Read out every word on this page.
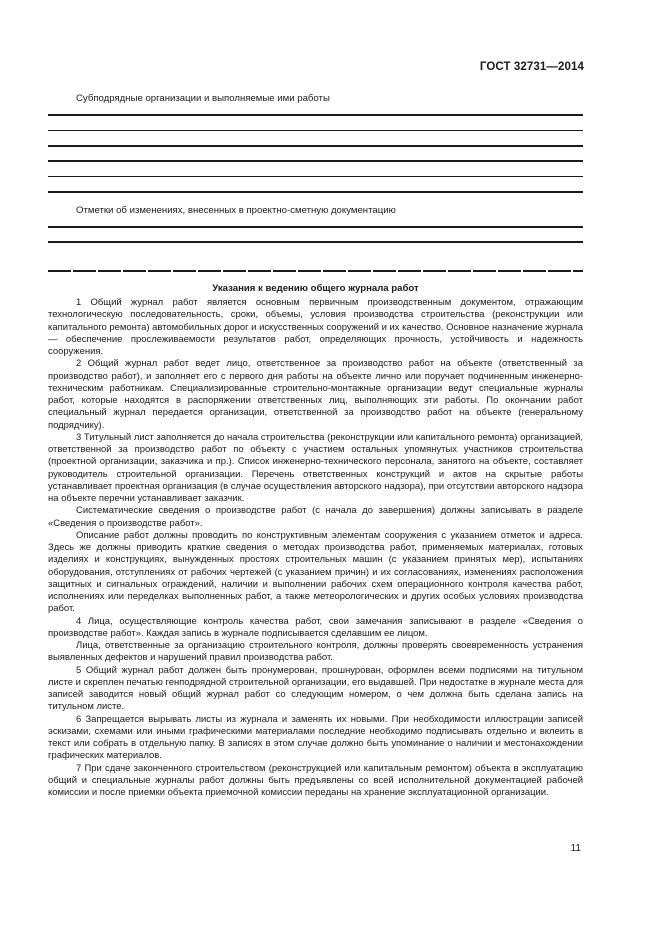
ГОСТ 32731—2014
Субподрядные организации и выполняемые ими работы
Отметки об изменениях, внесенных в проектно-сметную документацию
Указания к ведению общего журнала работ

1 Общий журнал работ является основным первичным производственным документом, отражающим технологическую последовательность, сроки, объемы, условия производства строительства (реконструкции или капитального ремонта) автомобильных дорог и искусственных сооружений и их качество. Основное назначение журнала — обеспечение прослеживаемости результатов работ, определяющих прочность, устойчивость и надежность сооружения.

2 Общий журнал работ ведет лицо, ответственное за производство работ на объекте (ответственный за производство работ), и заполняет его с первого дня работы на объекте лично или поручает подчиненным инженерно-техническим работникам. Специализированные строительно-монтажные организации ведут специальные журналы работ, которые находятся в распоряжении ответственных лиц, выполняющих эти работы. По окончании работ специальный журнал передается организации, ответственной за производство работ на объекте (генеральному подрядчику).

3 Титульный лист заполняется до начала строительства (реконструкции или капитального ремонта) организацией, ответственной за производство работ по объекту с участием остальных упомянутых участников строительства (проектной организации, заказчика и пр.). Список инженерно-технического персонала, занятого на объекте, составляет руководитель строительной организации. Перечень ответственных конструкций и актов на скрытые работы устанавливает проектная организация (в случае осуществления авторского надзора), при отсутствии авторского надзора на объекте перечни устанавливает заказчик.

Систематические сведения о производстве работ (с начала до завершения) должны записывать в разделе «Сведения о производстве работ».

Описание работ должны проводить по конструктивным элементам сооружения с указанием отметок и адреса. Здесь же должны приводить краткие сведения о методах производства работ, применяемых материалах, готовых изделиях и конструкциях, вынужденных простоях строительных машин (с указанием принятых мер), испытаниях оборудования, отступлениях от рабочих чертежей (с указанием причин) и их согласованиях, изменениях расположения защитных и сигнальных ограждений, наличии и выполнении рабочих схем операционного контроля качества работ, исполнениях или переделках выполненных работ, а также метеорологических и других особых условиях производства работ.

4 Лица, осуществляющие контроль качества работ, свои замечания записывают в разделе «Сведения о производстве работ». Каждая запись в журнале подписывается сделавшим ее лицом.

Лица, ответственные за организацию строительного контроля, должны проверять своевременность устранения выявленных дефектов и нарушений правил производства работ.

5 Общий журнал работ должен быть пронумерован, прошнурован, оформлен всеми подписями на титульном листе и скреплен печатью генподрядной строительной организации, его выдавшей. При недостатке в журнале места для записей заводится новый общий журнал работ со следующим номером, о чем должна быть сделана запись на титульном листе.

6 Запрещается вырывать листы из журнала и заменять их новыми. При необходимости иллюстрации записей эскизами, схемами или иными графическими материалами последние необходимо подписывать отдельно и вклеить в текст или собрать в отдельную папку. В записях в этом случае должно быть упоминание о наличии и местонахождении графических материалов.

7 При сдаче законченного строительством (реконструкцией или капитальным ремонтом) объекта в эксплуатацию общий и специальные журналы работ должны быть предъявлены со всей исполнительной документацией рабочей комиссии и после приемки объекта приемочной комиссии переданы на хранение эксплуатационной организации.

11
